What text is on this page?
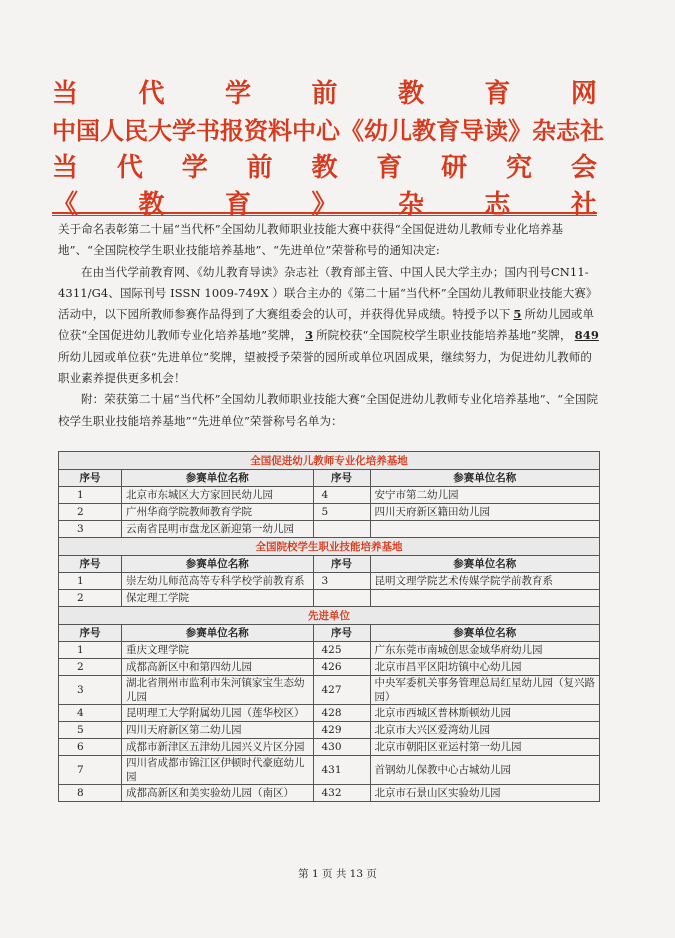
当 代 学 前 教 育 网
中国人民大学书报资料中心《幼儿教育导读》杂志社
当 代 学 前 教 育 研 究 会
《 教 育 》 杂 志 社

关于命名表彰第二十届“当代杯”全国幼儿教师职业技能大赛中获得“全国促进幼儿教师专业化培养基地”、“全国院校学生职业技能培养基地”、“先进单位”荣誉称号的通知决定:

在由当代学前教育网、《幼儿教育导读》杂志社（教育部主管、中国人民大学主办；国内刊号CN11-4311/G4、国际刊号 ISSN 1009-749X ）联合主办的《第二十届“当代杯”全国幼儿教师职业技能大赛》活动中，以下园所教师参赛作品得到了大赛组委会的认可，并获得优异成绩。特授予以下 5 所幼儿园或单位获“全国促进幼儿教师专业化培养基地”奖牌， 3 所院校获“全国院校学生职业技能培养基地”奖牌， 849所幼儿园或单位获“先进单位”奖牌，望被授予荣誉的园所或单位巩固成果，继续努力，为促进幼儿教师的职业素养提供更多机会！

附：荣获第二十届“当代杯”全国幼儿教师职业技能大赛“全国促进幼儿教师专业化培养基地”、“全国院校学生职业技能培养基地”“先进单位”荣誉称号名单为：

全国促进幼儿教师专业化培养基地			
序号	参赛单位名称	序号	参赛单位名称
1	北京市东城区大方家回民幼儿园	4	安宁市第二幼儿园
2	广州华商学院教师教育学院	5	四川天府新区籍田幼儿园
3	云南省昆明市盘龙区新迎第一幼儿园		
全国院校学生职业技能培养基地			
序号	参赛单位名称	序号	参赛单位名称
1	崇左幼儿师范高等专科学校学前教育系	3	昆明文理学院艺术传媒学院学前教育系
2	保定理工学院		
先进单位			
序号	参赛单位名称	序号	参赛单位名称
1	重庆文理学院	425	广东东莞市南城创思金域华府幼儿园
2	成都高新区中和第四幼儿园	426	北京市昌平区阳坊镇中心幼儿园
3	湖北省荆州市监利市朱河镇家宝生态幼儿园	427	中央军委机关事务管理总局红星幼儿园（复兴路园）
4	昆明理工大学附属幼儿园（莲华校区）	428	北京市西城区普林斯顿幼儿园
5	四川天府新区第二幼儿园	429	北京市大兴区爱湾幼儿园
6	成都市新津区五津幼儿园兴义片区分园	430	北京市朝阳区亚运村第一幼儿园
7	四川省成都市锦江区伊顿时代豪庭幼儿园	431	首钢幼儿保教中心古城幼儿园
8	成都高新区和美实验幼儿园（南区）	432	北京市石景山区实验幼儿园
第 1 页 共 13 页
